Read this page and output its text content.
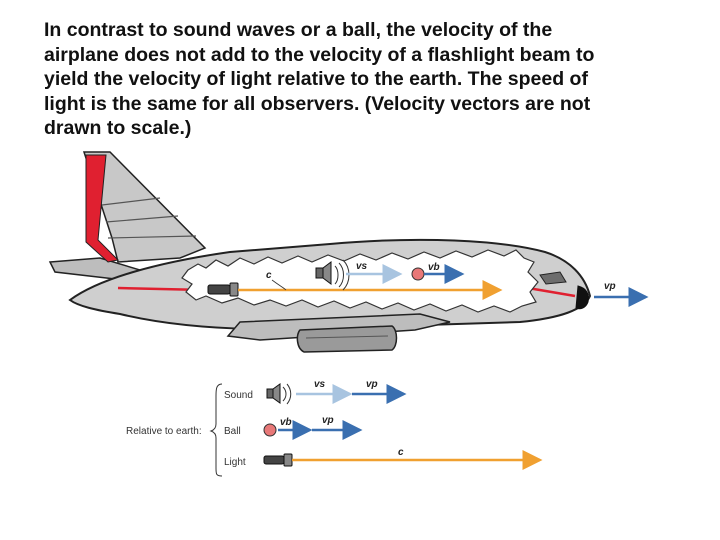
In contrast to sound waves or a ball, the velocity of the
airplane does not add to the velocity of a flashlight beam to
yield the velocity of light relative to the earth. The speed of
light is the same for all observers. (Velocity vectors are not
drawn to scale.)

c
vs	vb
vp
Relative to earth:
Sound
vs	vp
Ball
vb	vp
Light
c
